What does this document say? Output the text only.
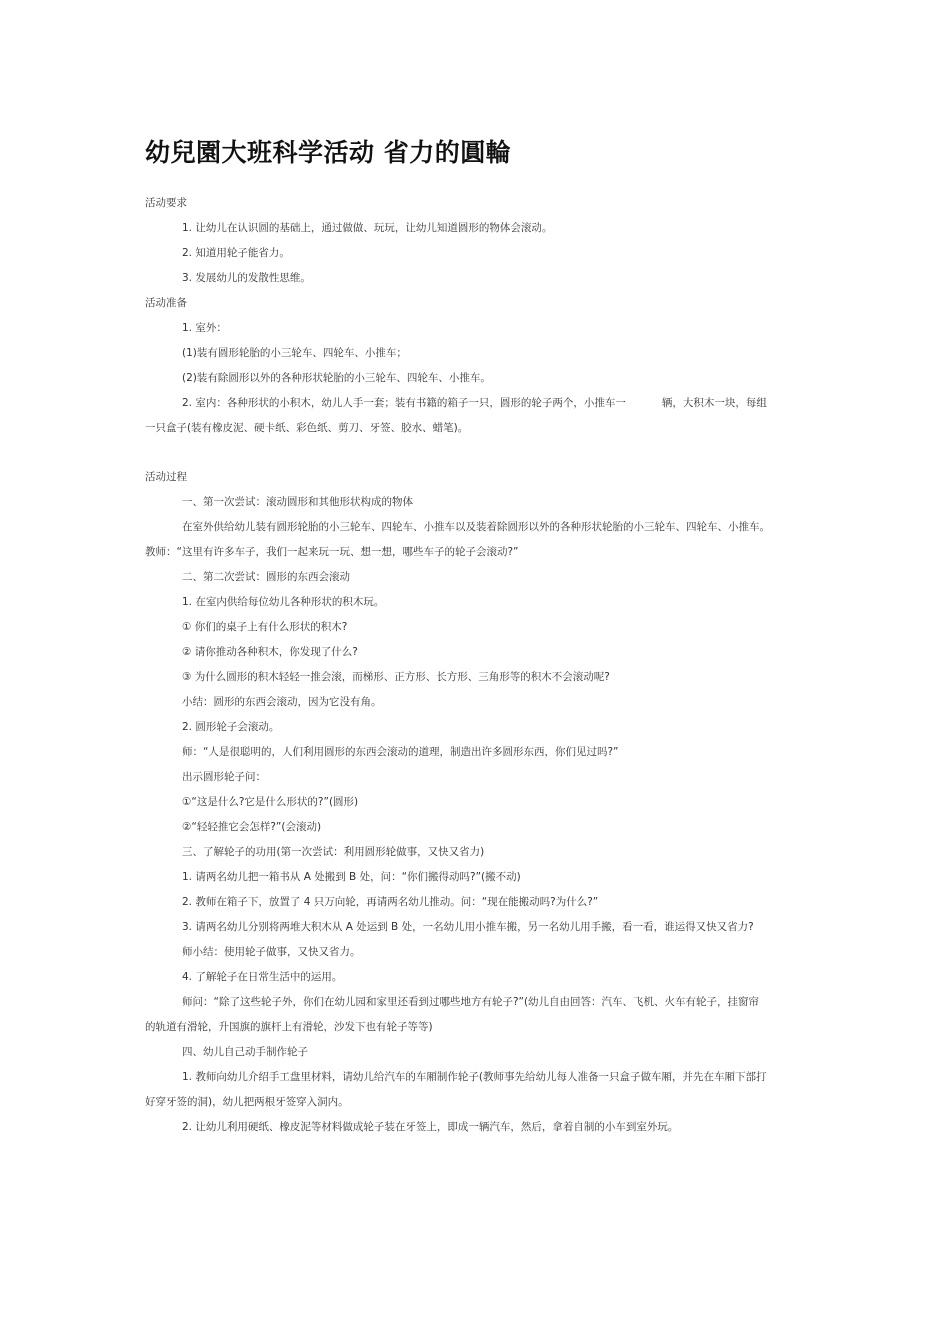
幼兒園大班科学活动 省力的圓輪

活动要求

1. 让幼儿在认识圆的基础上，通过做做、玩玩，让幼儿知道圆形的物体会滚动。

2. 知道用轮子能省力。

3. 发展幼儿的发散性思维。

活动准备

1. 室外：

(1)装有圆形轮胎的小三轮车、四轮车、小推车；

(2)装有除圆形以外的各种形状轮胎的小三轮车、四轮车、小推车。

2. 室内：各种形状的小积木，幼儿人手一套；装有书籍的箱子一只，圆形的轮子两个，小推车一	辆，大积木一块，每组

一只盒子(装有橡皮泥、硬卡纸、彩色纸、剪刀、牙签、胶水、蜡笔)。

活动过程

一、第一次尝试：滚动圆形和其他形状构成的物体

在室外供给幼儿装有圆形轮胎的小三轮车、四轮车、小推车以及装着除圆形以外的各种形状轮胎的小三轮车、四轮车、小推车。

教师：“这里有许多车子，我们一起来玩一玩、想一想，哪些车子的轮子会滚动?”

二、第二次尝试：圆形的东西会滚动

1. 在室内供给每位幼儿各种形状的积木玩。

① 你们的桌子上有什么形状的积木?

② 请你推动各种积木，你发现了什么?

③ 为什么圆形的积木轻轻一推会滚，而梯形、正方形、长方形、三角形等的积木不会滚动呢?

小结：圆形的东西会滚动，因为它没有角。

2. 圆形轮子会滚动。

师：“人是很聪明的，人们利用圆形的东西会滚动的道理，制造出许多圆形东西，你们见过吗?”

出示圆形轮子问：

①“这是什么?它是什么形状的?”(圆形)

②“轻轻推它会怎样?”(会滚动)

三、了解轮子的功用(第一次尝试：利用圆形轮做事，又快又省力)

1. 请两名幼儿把一箱书从 A 处搬到 B 处，问：“你们搬得动吗?”(搬不动)

2. 教师在箱子下，放置了 4 只万向轮，再请两名幼儿推动。问：“现在能搬动吗?为什么?”

3. 请两名幼儿分别将两堆大积木从 A 处运到 B 处，一名幼儿用小推车搬，另一名幼儿用手搬，看一看，谁运得又快又省力?

师小结：使用轮子做事，又快又省力。

4. 了解轮子在日常生活中的运用。

师问：“除了这些轮子外，你们在幼儿园和家里还看到过哪些地方有轮子?”(幼儿自由回答：汽车、飞机、火车有轮子，挂窗帘

的轨道有滑轮，升国旗的旗杆上有滑轮，沙发下也有轮子等等)

四、幼儿自己动手制作轮子

1. 教师向幼儿介绍手工盘里材料，请幼儿给汽车的车厢制作轮子(教师事先给幼儿每人准备一只盒子做车厢，并先在车厢下部打

好穿牙签的洞)，幼儿把两根牙签穿入洞内。

2. 让幼儿利用硬纸、橡皮泥等材料做成轮子装在牙签上，即成一辆汽车，然后，拿着自制的小车到室外玩。
